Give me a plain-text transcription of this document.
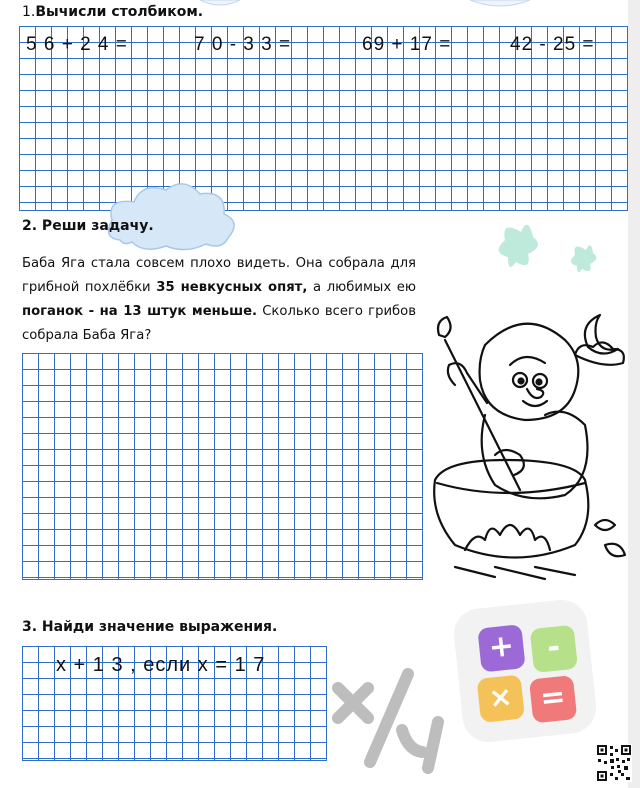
1.Вычисли столбиком.
5 6 + 2 4 =	7 0 - 3 3 =	69 + 17 =	42 - 25 =
2. Реши задачу.

Баба Яга стала совсем плохо видеть. Она собрала для грибной похлёбки 35 невкусных опят, а любимых ею поганок - на 13 штук меньше. Сколько всего грибов собрала Баба Яга?

3. Найди значение выражения.
х + 1 3 , если х = 1 7	+ -
× =
